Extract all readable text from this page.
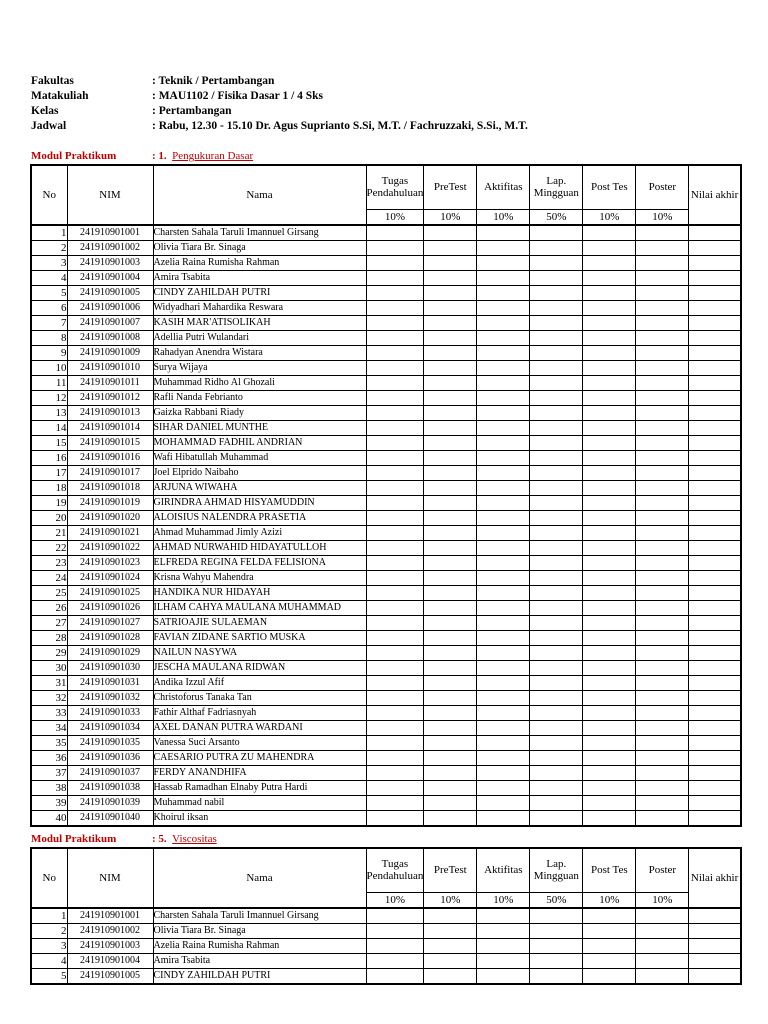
Fakultas	: Teknik / Pertambangan
Matakuliah	: MAU1102 / Fisika Dasar 1 / 4 Sks
Kelas	: Pertambangan
Jadwal	: Rabu, 12.30 - 15.10 Dr. Agus Suprianto S.Si, M.T. / Fachruzzaki, S.Si., M.T.
Modul Praktikum	: 1. Pengukuran Dasar
No	NIM	Nama	Tugas Pendahuluan	PreTest	Aktifitas	Lap. Mingguan	Post Tes	Poster	Nilai akhir
			10%	10%	10%	50%	10%	10%	
1	241910901001	Charsten Sahala Taruli Imannuel Girsang							
2	241910901002	Olivia Tiara Br. Sinaga							
3	241910901003	Azelia Raina Rumisha Rahman							
4	241910901004	Amira Tsabita							
5	241910901005	CINDY ZAHILDAH PUTRI							
6	241910901006	Widyadhari Mahardika Reswara							
7	241910901007	KASIH MAR'ATISOLIKAH							
8	241910901008	Adellia Putri Wulandari							
9	241910901009	Rahadyan Anendra Wistara							
10	241910901010	Surya Wijaya							
11	241910901011	Muhammad Ridho Al Ghozali							
12	241910901012	Rafli Nanda Febrianto							
13	241910901013	Gaizka Rabbani Riady							
14	241910901014	SIHAR DANIEL MUNTHE							
15	241910901015	MOHAMMAD FADHIL ANDRIAN							
16	241910901016	Wafi Hibatullah Muhammad							
17	241910901017	Joel Elprido Naibaho							
18	241910901018	ARJUNA WIWAHA							
19	241910901019	GIRINDRA AHMAD HISYAMUDDIN							
20	241910901020	ALOISIUS NALENDRA PRASETIA							
21	241910901021	Ahmad Muhammad Jimly Azizi							
22	241910901022	AHMAD NURWAHID HIDAYATULLOH							
23	241910901023	ELFREDA REGINA FELDA FELISIONA							
24	241910901024	Krisna Wahyu Mahendra							
25	241910901025	HANDIKA NUR HIDAYAH							
26	241910901026	ILHAM CAHYA MAULANA MUHAMMAD							
27	241910901027	SATRIOAJIE SULAEMAN							
28	241910901028	FAVIAN ZIDANE SARTIO MUSKA							
29	241910901029	NAILUN NASYWA							
30	241910901030	JESCHA MAULANA RIDWAN							
31	241910901031	Andika Izzul Afif							
32	241910901032	Christoforus Tanaka Tan							
33	241910901033	Fathir Althaf Fadriasnyah							
34	241910901034	AXEL DANAN PUTRA WARDANI							
35	241910901035	Vanessa Suci Arsanto							
36	241910901036	CAESARIO PUTRA ZU MAHENDRA							
37	241910901037	FERDY ANANDHIFA							
38	241910901038	Hassab Ramadhan Elnaby Putra Hardi							
39	241910901039	Muhammad nabil							
40	241910901040	Khoirul iksan							
Modul Praktikum	: 5. Viscositas
No	NIM	Nama	Tugas Pendahuluan	PreTest	Aktifitas	Lap. Mingguan	Post Tes	Poster	Nilai akhir
			10%	10%	10%	50%	10%	10%	
1	241910901001	Charsten Sahala Taruli Imannuel Girsang							
2	241910901002	Olivia Tiara Br. Sinaga							
3	241910901003	Azelia Raina Rumisha Rahman							
4	241910901004	Amira Tsabita							
5	241910901005	CINDY ZAHILDAH PUTRI							
